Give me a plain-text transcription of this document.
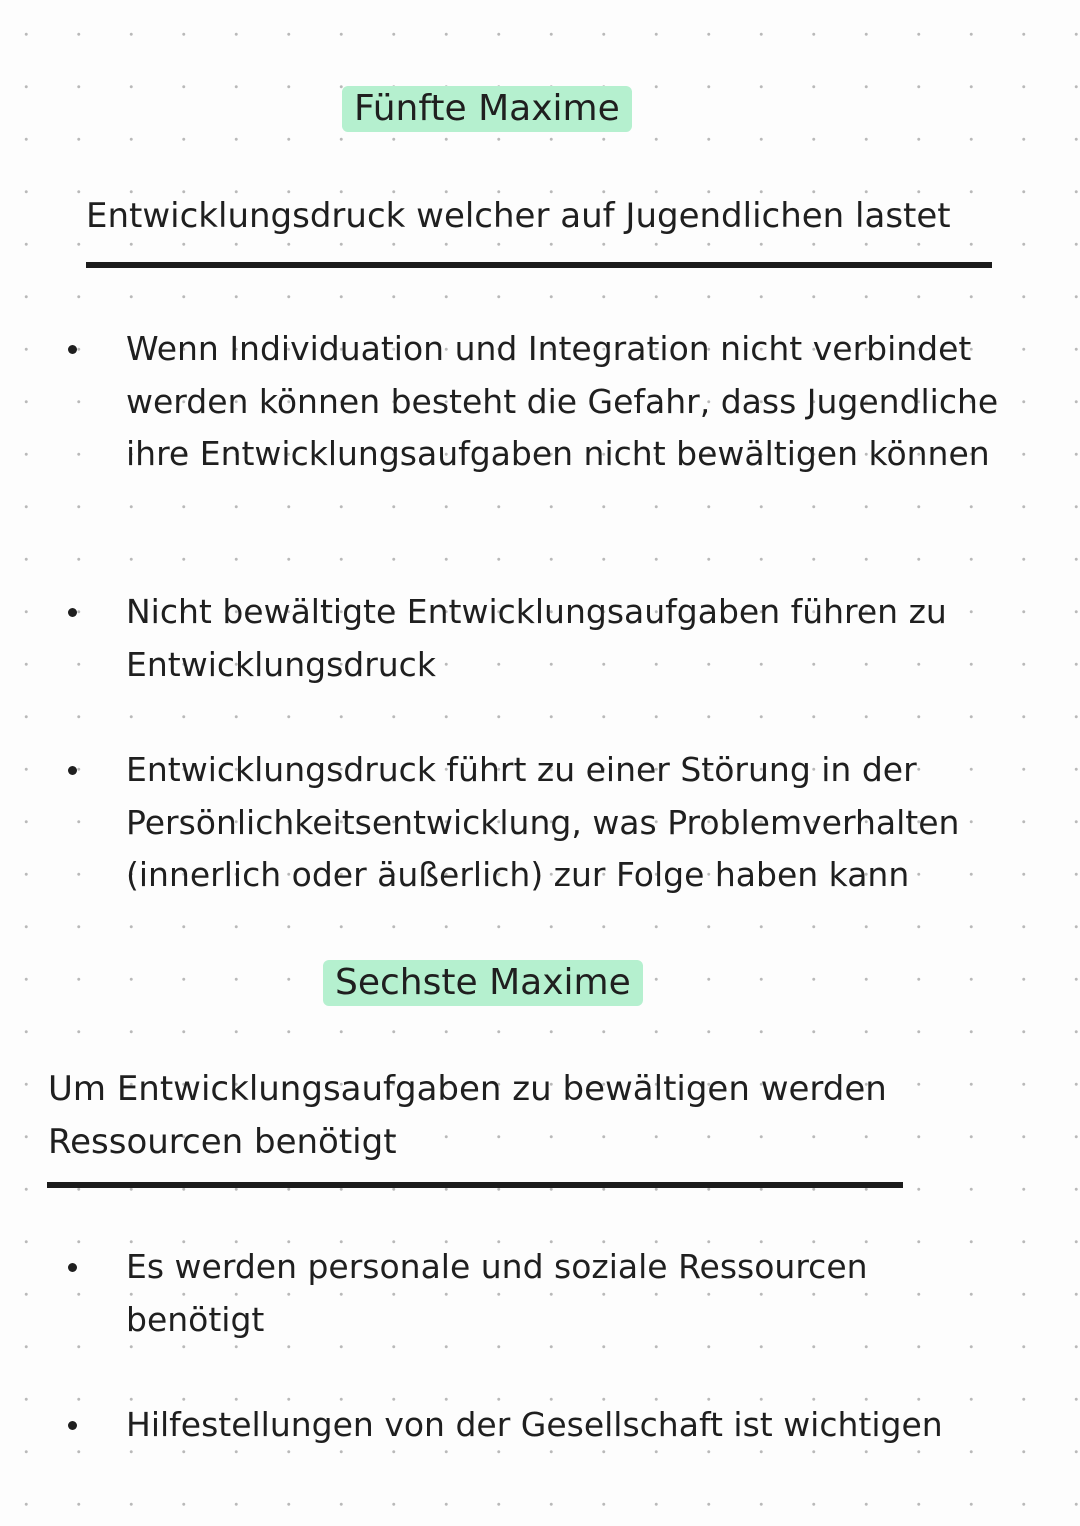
Fünfte Maxime
Entwicklungsdruck welcher auf Jugendlichen lastet
Wenn Individuation und Integration nicht verbindet werden können besteht die Gefahr, dass Jugendliche ihre Entwicklungsaufgaben nicht bewältigen können
Nicht bewältigte Entwicklungsaufgaben führen zu Entwicklungsdruck
Entwicklungsdruck führt zu einer Störung in der Persönlichkeitsentwicklung, was Problemverhalten (innerlich oder äußerlich) zur Folge haben kann
Sechste Maxime
Um Entwicklungsaufgaben zu bewältigen werden Ressourcen benötigt
Es werden personale und soziale Ressourcen benötigt
Hilfestellungen von der Gesellschaft ist wichtigen
